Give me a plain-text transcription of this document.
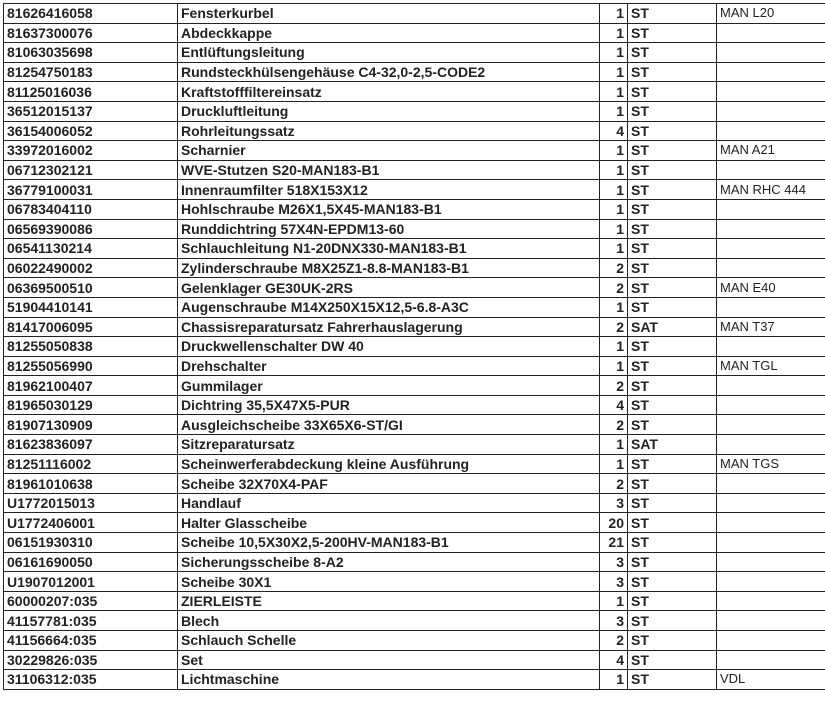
81626416058	Fensterkurbel	1	ST	MAN L20
81637300076	Abdeckkappe	1	ST	
81063035698	Entlüftungsleitung	1	ST	
81254750183	Rundsteckhülsengehäuse C4-32,0-2,5-CODE2	1	ST	
81125016036	Kraftstofffiltereinsatz	1	ST	
36512015137	Druckluftleitung	1	ST	
36154006052	Rohrleitungssatz	4	ST	
33972016002	Scharnier	1	ST	MAN A21
06712302121	WVE-Stutzen S20-MAN183-B1	1	ST	
36779100031	Innenraumfilter 518X153X12	1	ST	MAN RHC 444
06783404110	Hohlschraube M26X1,5X45-MAN183-B1	1	ST	
06569390086	Runddichtring 57X4N-EPDM13-60	1	ST	
06541130214	Schlauchleitung N1-20DNX330-MAN183-B1	1	ST	
06022490002	Zylinderschraube M8X25Z1-8.8-MAN183-B1	2	ST	
06369500510	Gelenklager GE30UK-2RS	2	ST	MAN E40
51904410141	Augenschraube M14X250X15X12,5-6.8-A3C	1	ST	
81417006095	Chassisreparatursatz Fahrerhauslagerung	2	SAT	MAN T37
81255050838	Druckwellenschalter DW 40	1	ST	
81255056990	Drehschalter	1	ST	MAN TGL
81962100407	Gummilager	2	ST	
81965030129	Dichtring 35,5X47X5-PUR	4	ST	
81907130909	Ausgleichscheibe 33X65X6-ST/GI	2	ST	
81623836097	Sitzreparatursatz	1	SAT	
81251116002	Scheinwerferabdeckung kleine Ausführung	1	ST	MAN TGS
81961010638	Scheibe 32X70X4-PAF	2	ST	
U1772015013	Handlauf	3	ST	
U1772406001	Halter Glasscheibe	20	ST	
06151930310	Scheibe 10,5X30X2,5-200HV-MAN183-B1	21	ST	
06161690050	Sicherungsscheibe 8-A2	3	ST	
U1907012001	Scheibe 30X1	3	ST	
60000207:035	ZIERLEISTE	1	ST	
41157781:035	Blech	3	ST	
41156664:035	Schlauch Schelle	2	ST	
30229826:035	Set	4	ST	
31106312:035	Lichtmaschine	1	ST	VDL
